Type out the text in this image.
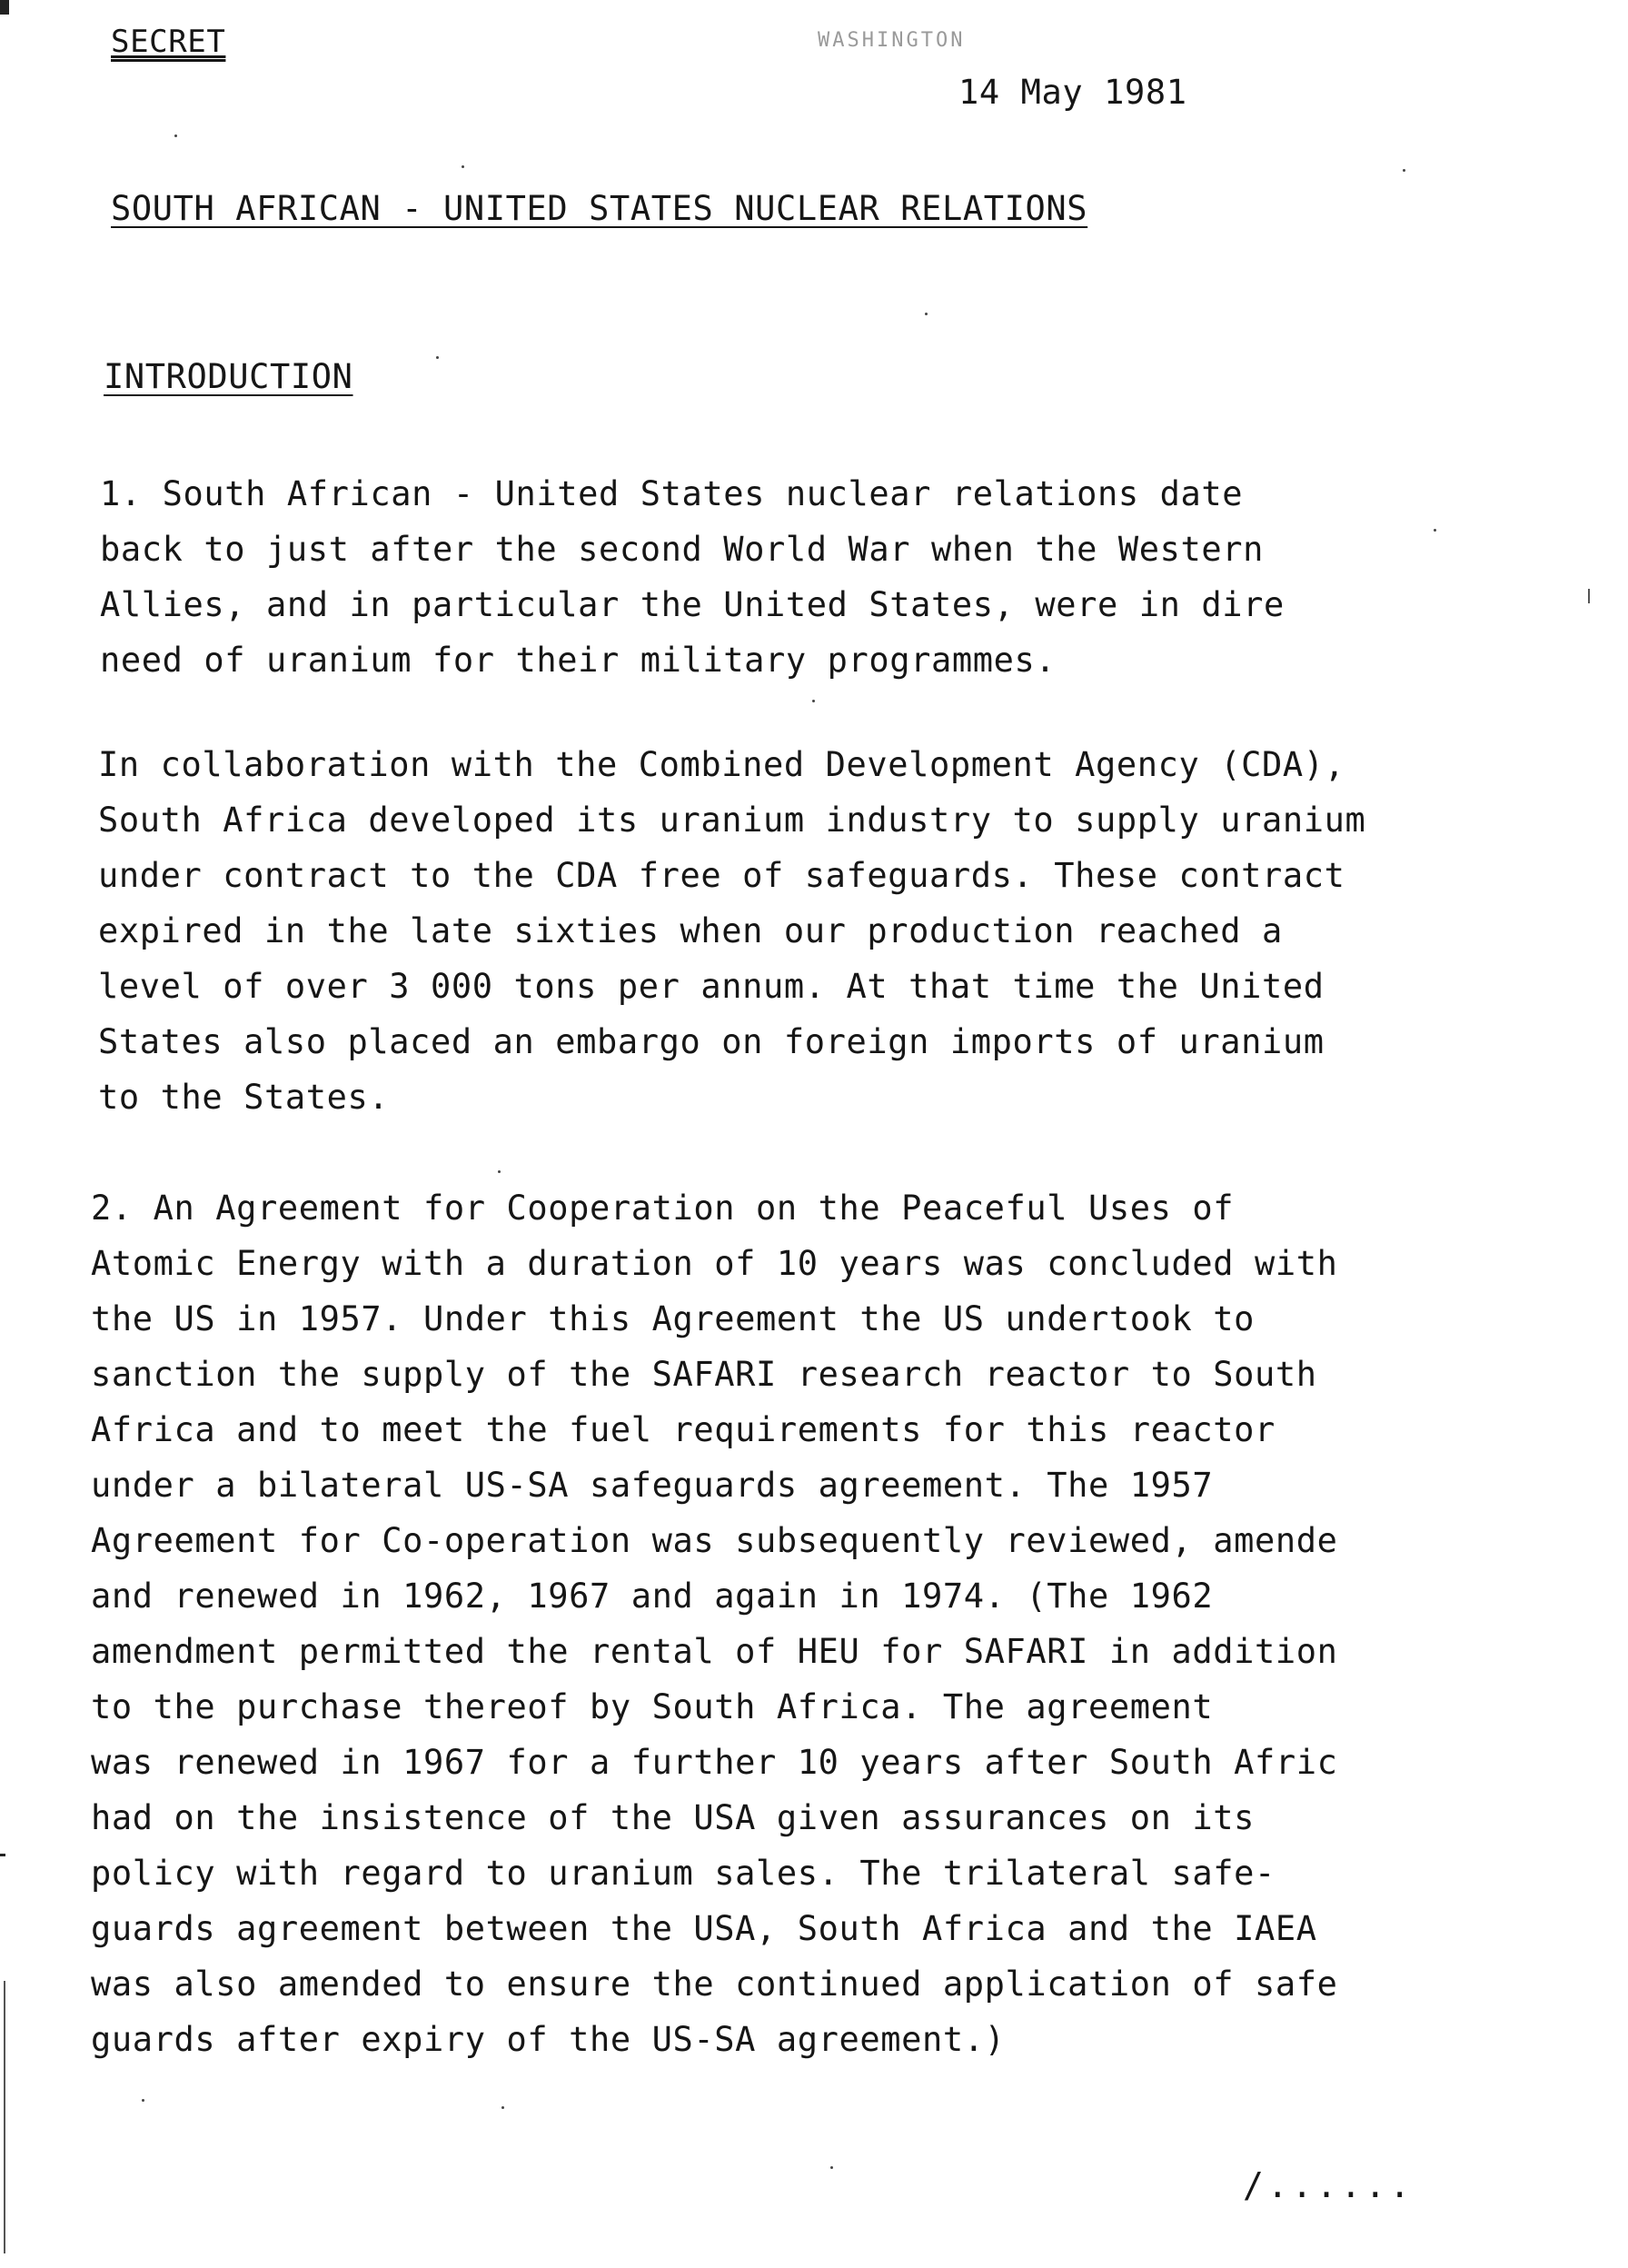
SECRET	WASHINGTON
14 May 1981
SOUTH AFRICAN - UNITED STATES NUCLEAR RELATIONS
INTRODUCTION
1. South African - United States nuclear relations date
back to just after the second World War when the Western
Allies, and in particular the United States, were in dire
need of uranium for their military programmes.
In collaboration with the Combined Development Agency (CDA),
South Africa developed its uranium industry to supply uranium
under contract to the CDA free of safeguards. These contract
expired in the late sixties when our production reached a
level of over 3 000 tons per annum. At that time the United
States also placed an embargo on foreign imports of uranium
to the States.
2. An Agreement for Cooperation on the Peaceful Uses of
Atomic Energy with a duration of 10 years was concluded with
the US in 1957. Under this Agreement the US undertook to
sanction the supply of the SAFARI research reactor to South
Africa and to meet the fuel requirements for this reactor
under a bilateral US-SA safeguards agreement. The 1957
Agreement for Co-operation was subsequently reviewed, amende
and renewed in 1962, 1967 and again in 1974. (The 1962
amendment permitted the rental of HEU for SAFARI in addition
to the purchase thereof by South Africa. The agreement
was renewed in 1967 for a further 10 years after South Afric
had on the insistence of the USA given assurances on its
policy with regard to uranium sales. The trilateral safe-
guards agreement between the USA, South Africa and the IAEA
was also amended to ensure the continued application of safe
guards after expiry of the US-SA agreement.)
/......
